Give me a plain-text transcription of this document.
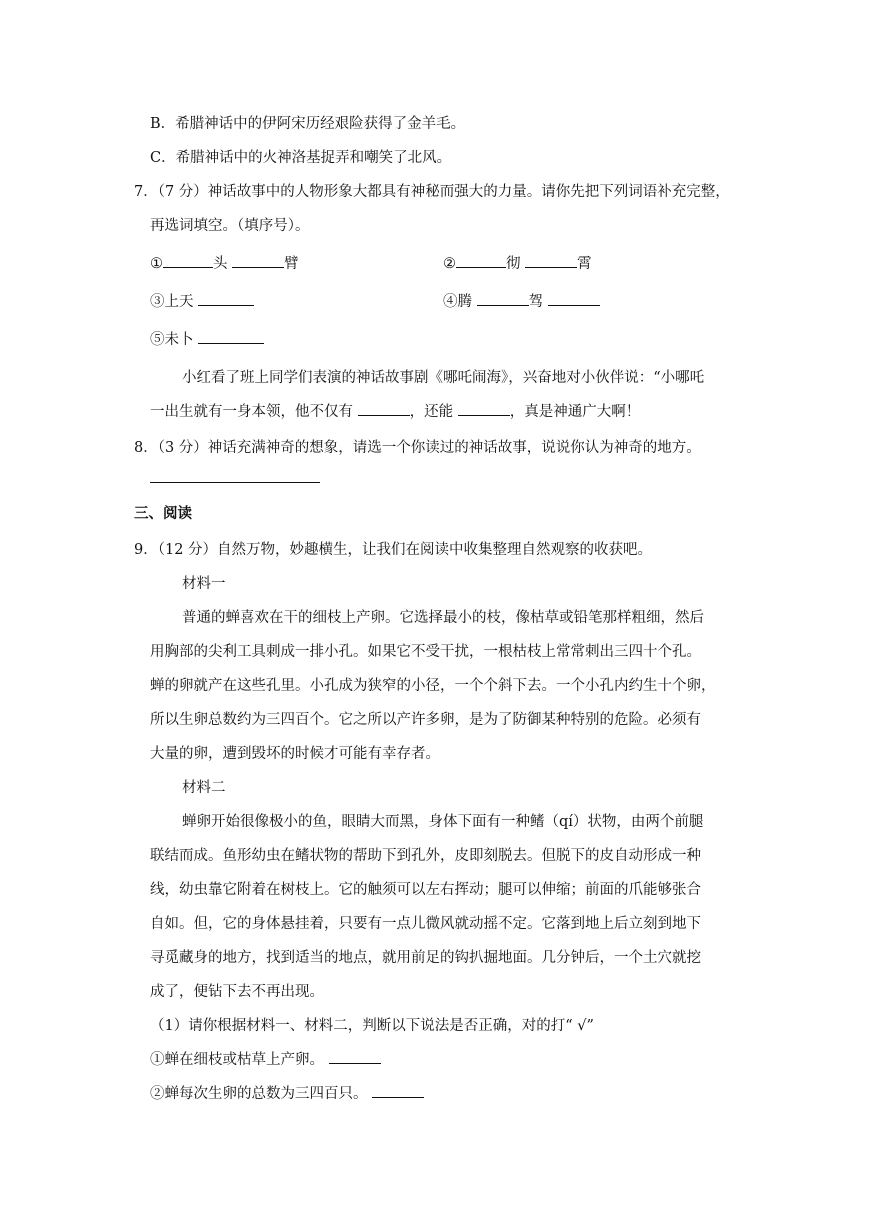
B．希腊神话中的伊阿宋历经艰险获得了金羊毛。
C．希腊神话中的火神洛基捉弄和嘲笑了北风。
7．（7 分）神话故事中的人物形象大都具有神秘而强大的力量。请你先把下列词语补充完整，
再选词填空。（填序号）。
①	头	臂	②	彻	霄
③上天	④腾	驾
⑤未卜
小红看了班上同学们表演的神话故事剧《哪吒闹海》，兴奋地对小伙伴说：“小哪吒
一出生就有一身本领，他不仅有	，还能	，真是神通广大啊！
8．（3 分）神话充满神奇的想象，请选一个你读过的神话故事，说说你认为神奇的地方。
三、阅读
9．（12 分）自然万物，妙趣横生，让我们在阅读中收集整理自然观察的收获吧。
材料一
普通的蝉喜欢在干的细枝上产卵。它选择最小的枝，像枯草或铅笔那样粗细，然后
用胸部的尖利工具刺成一排小孔。如果它不受干扰，一根枯枝上常常刺出三四十个孔。
蝉的卵就产在这些孔里。小孔成为狭窄的小径，一个个斜下去。一个小孔内约生十个卵，
所以生卵总数约为三四百个。它之所以产许多卵，是为了防御某种特别的危险。必须有
大量的卵，遭到毁坏的时候才可能有幸存者。
材料二
蝉卵开始很像极小的鱼，眼睛大而黑，身体下面有一种鳍（qí）状物，由两个前腿
联结而成。鱼形幼虫在鳍状物的帮助下到孔外，皮即刻脱去。但脱下的皮自动形成一种
线，幼虫靠它附着在树枝上。它的触须可以左右挥动；腿可以伸缩；前面的爪能够张合
自如。但，它的身体悬挂着，只要有一点儿微风就动摇不定。它落到地上后立刻到地下
寻觅藏身的地方，找到适当的地点，就用前足的钩扒掘地面。几分钟后，一个土穴就挖
成了，便钻下去不再出现。
（1）请你根据材料一、材料二，判断以下说法是否正确，对的打“ √”
①蝉在细枝或枯草上产卵。
②蝉每次生卵的总数为三四百只。
